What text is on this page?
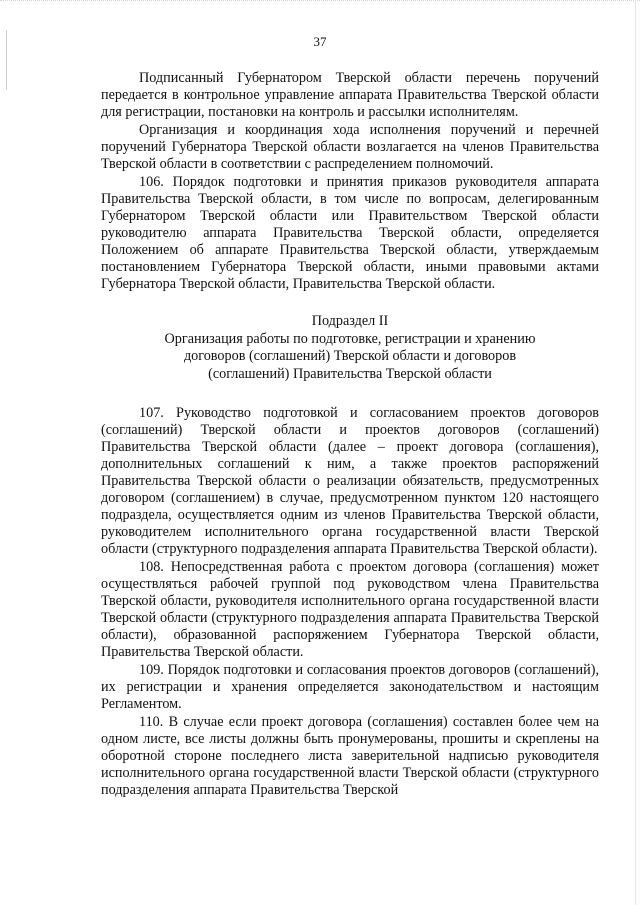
37

Подписанный Губернатором Тверской области перечень поручений передается в контрольное управление аппарата Правительства Тверской области для регистрации, постановки на контроль и рассылки исполнителям.

Организация и координация хода исполнения поручений и перечней поручений Губернатора Тверской области возлагается на членов Правительства Тверской области в соответствии с распределением полномочий.

106. Порядок подготовки и принятия приказов руководителя аппарата Правительства Тверской области, в том числе по вопросам, делегированным Губернатором Тверской области или Правительством Тверской области руководителю аппарата Правительства Тверской области, определяется Положением об аппарате Правительства Тверской области, утверждаемым постановлением Губернатора Тверской области, иными правовыми актами Губернатора Тверской области, Правительства Тверской области.

Подраздел II
Организация работы по подготовке, регистрации и хранению
договоров (соглашений) Тверской области и договоров
(соглашений) Правительства Тверской области

107. Руководство подготовкой и согласованием проектов договоров (соглашений) Тверской области и проектов договоров (соглашений) Правительства Тверской области (далее – проект договора (соглашения), дополнительных соглашений к ним, а также проектов распоряжений Правительства Тверской области о реализации обязательств, предусмотренных договором (соглашением) в случае, предусмотренном пунктом 120 настоящего подраздела, осуществляется одним из членов Правительства Тверской области, руководителем исполнительного органа государственной власти Тверской области (структурного подразделения аппарата Правительства Тверской области).

108. Непосредственная работа с проектом договора (соглашения) может осуществляться рабочей группой под руководством члена Правительства Тверской области, руководителя исполнительного органа государственной власти Тверской области (структурного подразделения аппарата Правительства Тверской области), образованной распоряжением Губернатора Тверской области, Правительства Тверской области.

109. Порядок подготовки и согласования проектов договоров (соглашений), их регистрации и хранения определяется законодательством и настоящим Регламентом.

110. В случае если проект договора (соглашения) составлен более чем на одном листе, все листы должны быть пронумерованы, прошиты и скреплены на оборотной стороне последнего листа заверительной надписью руководителя исполнительного органа государственной власти Тверской области (структурного подразделения аппарата Правительства Тверской
